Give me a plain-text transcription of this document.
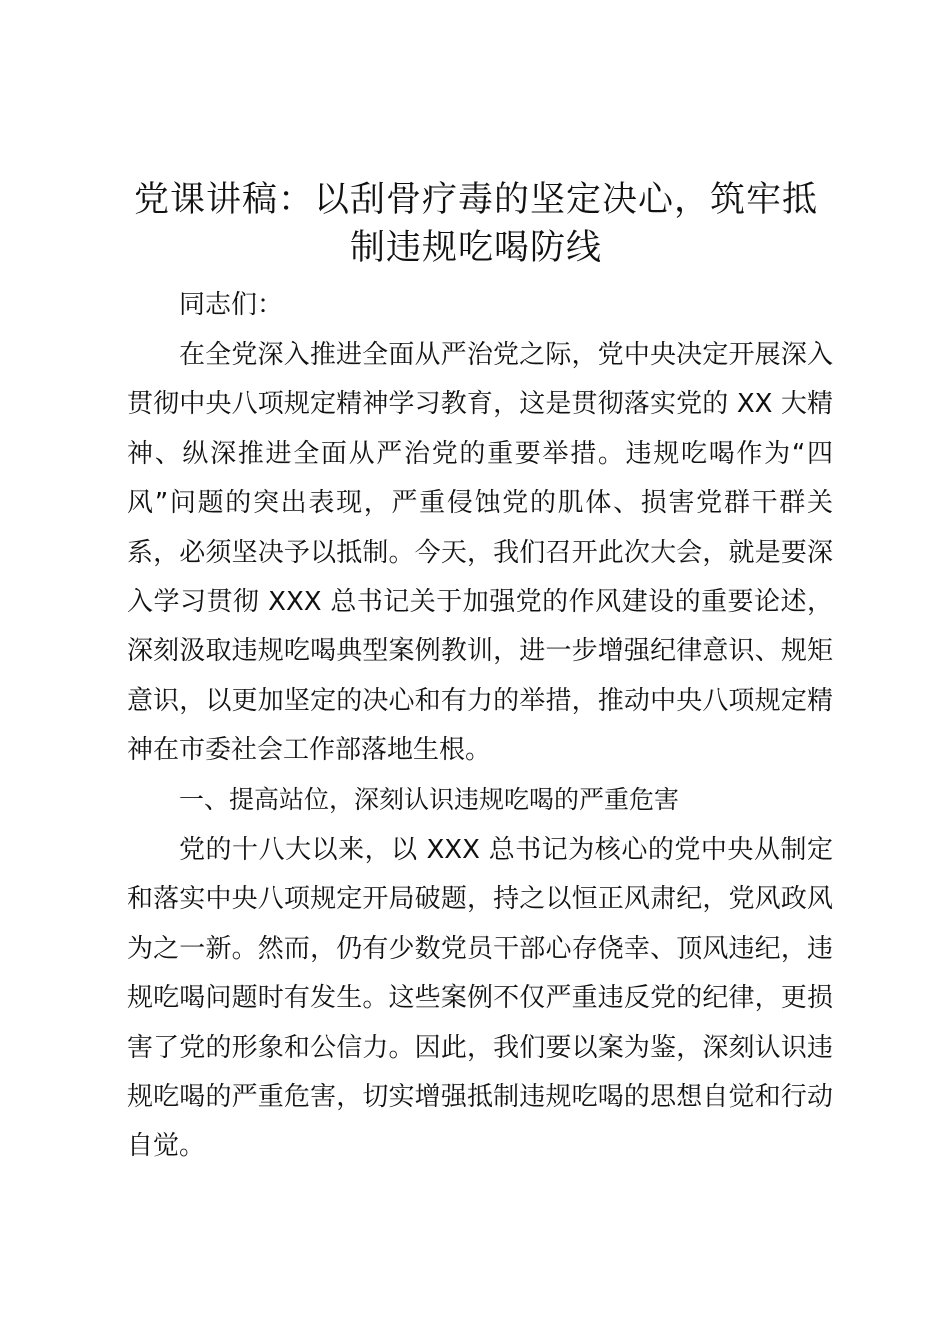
党课讲稿：以刮骨疗毒的坚定决心，筑牢抵制违规吃喝防线

同志们：

在全党深入推进全面从严治党之际，党中央决定开展深入贯彻中央八项规定精神学习教育，这是贯彻落实党的 XX 大精神、纵深推进全面从严治党的重要举措。违规吃喝作为“四风”问题的突出表现，严重侵蚀党的肌体、损害党群干群关系，必须坚决予以抵制。今天，我们召开此次大会，就是要深入学习贯彻 XXX 总书记关于加强党的作风建设的重要论述，深刻汲取违规吃喝典型案例教训，进一步增强纪律意识、规矩意识，以更加坚定的决心和有力的举措，推动中央八项规定精神在市委社会工作部落地生根。

一、提高站位，深刻认识违规吃喝的严重危害

党的十八大以来，以 XXX 总书记为核心的党中央从制定和落实中央八项规定开局破题，持之以恒正风肃纪，党风政风为之一新。然而，仍有少数党员干部心存侥幸、顶风违纪，违规吃喝问题时有发生。这些案例不仅严重违反党的纪律，更损害了党的形象和公信力。因此，我们要以案为鉴，深刻认识违规吃喝的严重危害，切实增强抵制违规吃喝的思想自觉和行动自觉。
